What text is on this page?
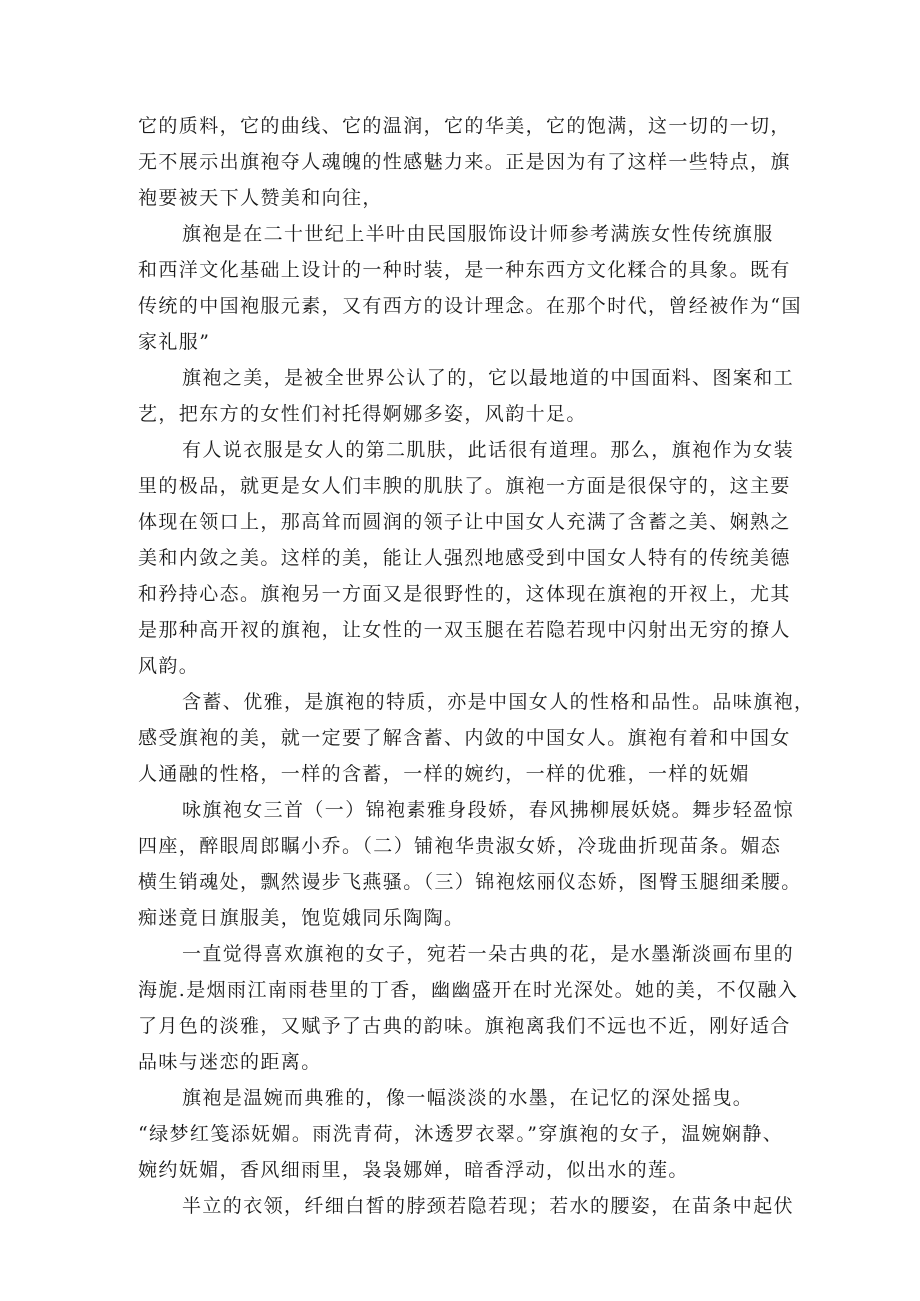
它的质料，它的曲线、它的温润，它的华美，它的饱满，这一切的一切，
无不展示出旗袍夺人魂魄的性感魅力来。正是因为有了这样一些特点，旗
袍要被天下人赞美和向往，
旗袍是在二十世纪上半叶由民国服饰设计师参考满族女性传统旗服
和西洋文化基础上设计的一种时装，是一种东西方文化糅合的具象。既有
传统的中国袍服元素，又有西方的设计理念。在那个时代，曾经被作为“国
家礼服”
旗袍之美，是被全世界公认了的，它以最地道的中国面料、图案和工
艺，把东方的女性们衬托得婀娜多姿，风韵十足。
有人说衣服是女人的第二肌肤，此话很有道理。那么，旗袍作为女装
里的极品，就更是女人们丰腴的肌肤了。旗袍一方面是很保守的，这主要
体现在领口上，那高耸而圆润的领子让中国女人充满了含蓄之美、娴熟之
美和内敛之美。这样的美，能让人强烈地感受到中国女人特有的传统美德
和矜持心态。旗袍另一方面又是很野性的，这体现在旗袍的开衩上，尤其
是那种高开衩的旗袍，让女性的一双玉腿在若隐若现中闪射出无穷的撩人
风韵。
含蓄、优雅，是旗袍的特质，亦是中国女人的性格和品性。品味旗袍，
感受旗袍的美，就一定要了解含蓄、内敛的中国女人。旗袍有着和中国女
人通融的性格，一样的含蓄，一样的婉约，一样的优雅，一样的妩媚
咏旗袍女三首（一）锦袍素雅身段娇，春风拂柳展妖娆。舞步轻盈惊
四座，醉眼周郎瞩小乔。（二）铺袍华贵淑女娇，冷珑曲折现苗条。媚态
横生销魂处，飘然谩步飞燕骚。（三）锦袍炫丽仪态娇，图臀玉腿细柔腰。
痴迷竟日旗服美，饱览娥同乐陶陶。
一直觉得喜欢旗袍的女子，宛若一朵古典的花，是水墨渐淡画布里的
海旎.是烟雨江南雨巷里的丁香，幽幽盛开在时光深处。她的美，不仅融入
了月色的淡雅，又赋予了古典的韵味。旗袍离我们不远也不近，刚好适合
品味与迷恋的距离。
旗袍是温婉而典雅的，像一幅淡淡的水墨，在记忆的深处摇曳。
“绿梦红笺添妩媚。雨洗青荷，沐透罗衣翠。”穿旗袍的女子，温婉娴静、
婉约妩媚，香风细雨里，袅袅娜婵，暗香浮动，似出水的莲。
半立的衣领，纤细白皙的脖颈若隐若现；若水的腰姿，在苗条中起伏
